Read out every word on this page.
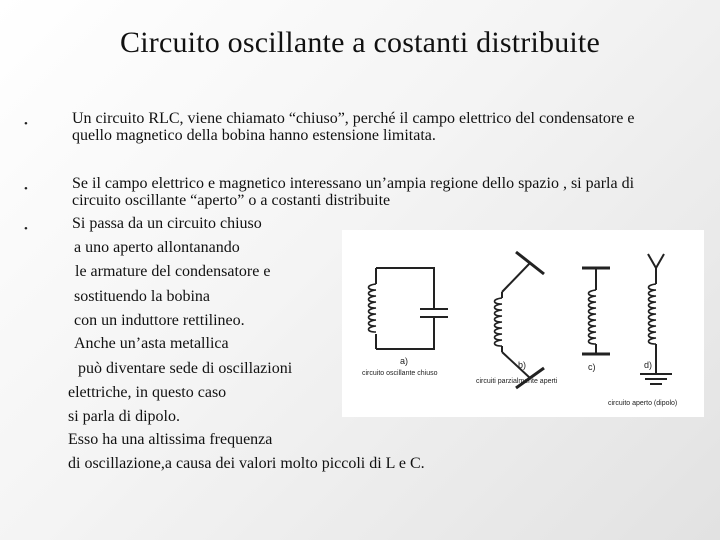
Circuito oscillante a costanti distribuite
•	Un circuito RLC, viene chiamato “chiuso”, perché il campo elettrico del condensatore e quello magnetico della bobina hanno estensione limitata.
•	Se il campo elettrico e magnetico interessano un’ampia regione dello spazio , si parla di circuito oscillante “aperto” o a costanti distribuite
•	Si passa da un circuito chiuso
a uno aperto allontanando
le armature del condensatore e
sostituendo la bobina
con un induttore rettilineo.
Anche un’asta metallica
può diventare sede di oscillazioni
elettriche, in questo caso
si parla di dipolo.
Esso ha una altissima frequenza
di oscillazione,a causa dei valori molto piccoli di L e C.
a)	b)	c)	d)
circuito oscillante chiuso
circuiti parzialmente aperti
circuito aperto (dipolo)
